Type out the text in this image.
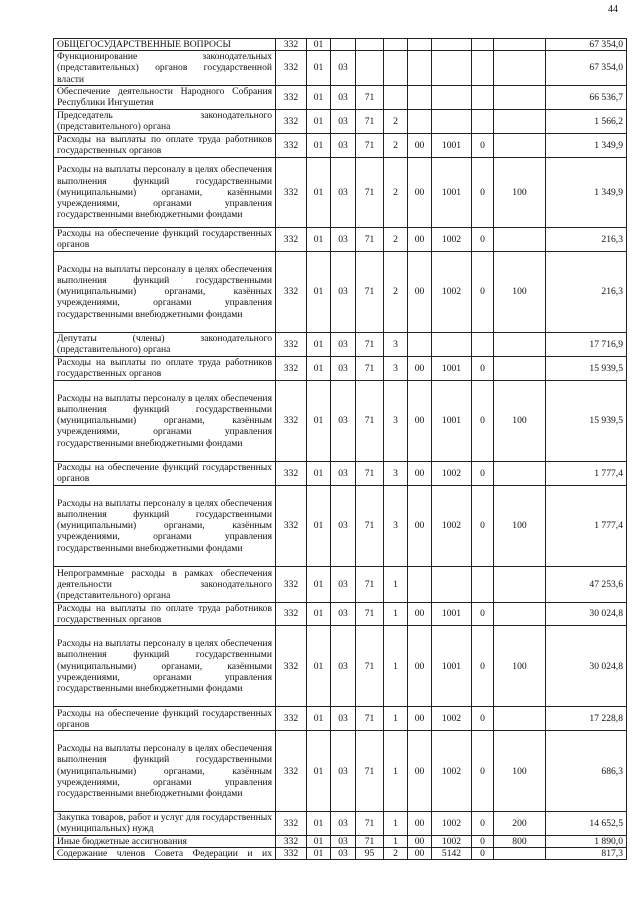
44
ОБЩЕГОСУДАРСТВЕННЫЕ ВОПРОСЫ	332	01								67 354,0
Функционирование законодательных (представительных) органов государственной власти	332	01	03							67 354,0
Обеспечение деятельности Народного Собрания Республики Ингушетия	332	01	03	71						66 536,7
Председатель законодательного (представительного) органа	332	01	03	71	2					1 566,2
Расходы на выплаты по оплате труда работников государственных органов	332	01	03	71	2	00	1001	0		1 349,9
Расходы на выплаты персоналу в целях обеспечения выполнения функций государственными (муниципальными) органами, казёнными учреждениями, органами управления государственными внебюджетными фондами	332	01	03	71	2	00	1001	0	100	1 349,9
Расходы на обеспечение функций государственных органов	332	01	03	71	2	00	1002	0		216,3
Расходы на выплаты персоналу в целях обеспечения выполнения функций государственными (муниципальными) органами, казённых учреждениями, органами управления государственными внебюджетными фондами	332	01	03	71	2	00	1002	0	100	216,3
Депутаты (члены) законодательного (представительного) органа	332	01	03	71	3					17 716,9
Расходы на выплаты по оплате труда работников государственных органов	332	01	03	71	3	00	1001	0		15 939,5
Расходы на выплаты персоналу в целях обеспечения выполнения функций государственными (муниципальными) органами, казённым учреждениями, органами управления государственными внебюджетными фондами	332	01	03	71	3	00	1001	0	100	15 939,5
Расходы на обеспечение функций государственных органов	332	01	03	71	3	00	1002	0		1 777,4
Расходы на выплаты персоналу в целях обеспечения выполнения функций государственными (муниципальными) органами, казённым учреждениями, органами управления государственными внебюджетными фондами	332	01	03	71	3	00	1002	0	100	1 777,4
Непрограммные расходы в рамках обеспечения деятельности законодательного (представительного) органа	332	01	03	71	1					47 253,6
Расходы на выплаты по оплате труда работников государственных органов	332	01	03	71	1	00	1001	0		30 024,8
Расходы на выплаты персоналу в целях обеспечения выполнения функций государственными (муниципальными) органами, казёнными учреждениями, органами управления государственными внебюджетными фондами	332	01	03	71	1	00	1001	0	100	30 024,8
Расходы на обеспечение функций государственных органов	332	01	03	71	1	00	1002	0		17 228,8
Расходы на выплаты персоналу в целях обеспечения выполнения функций государственными (муниципальными) органами, казённым учреждениями, органами управления государственными внебюджетными фондами	332	01	03	71	1	00	1002	0	100	686,3
Закупка товаров, работ и услуг для государственных (муниципальных) нужд	332	01	03	71	1	00	1002	0	200	14 652,5
Иные бюджетные ассигнования	332	01	03	71	1	00	1002	0	800	1 890,0
Содержание членов Совета Федерации и их	332	01	03	95	2	00	5142	0		817,3
